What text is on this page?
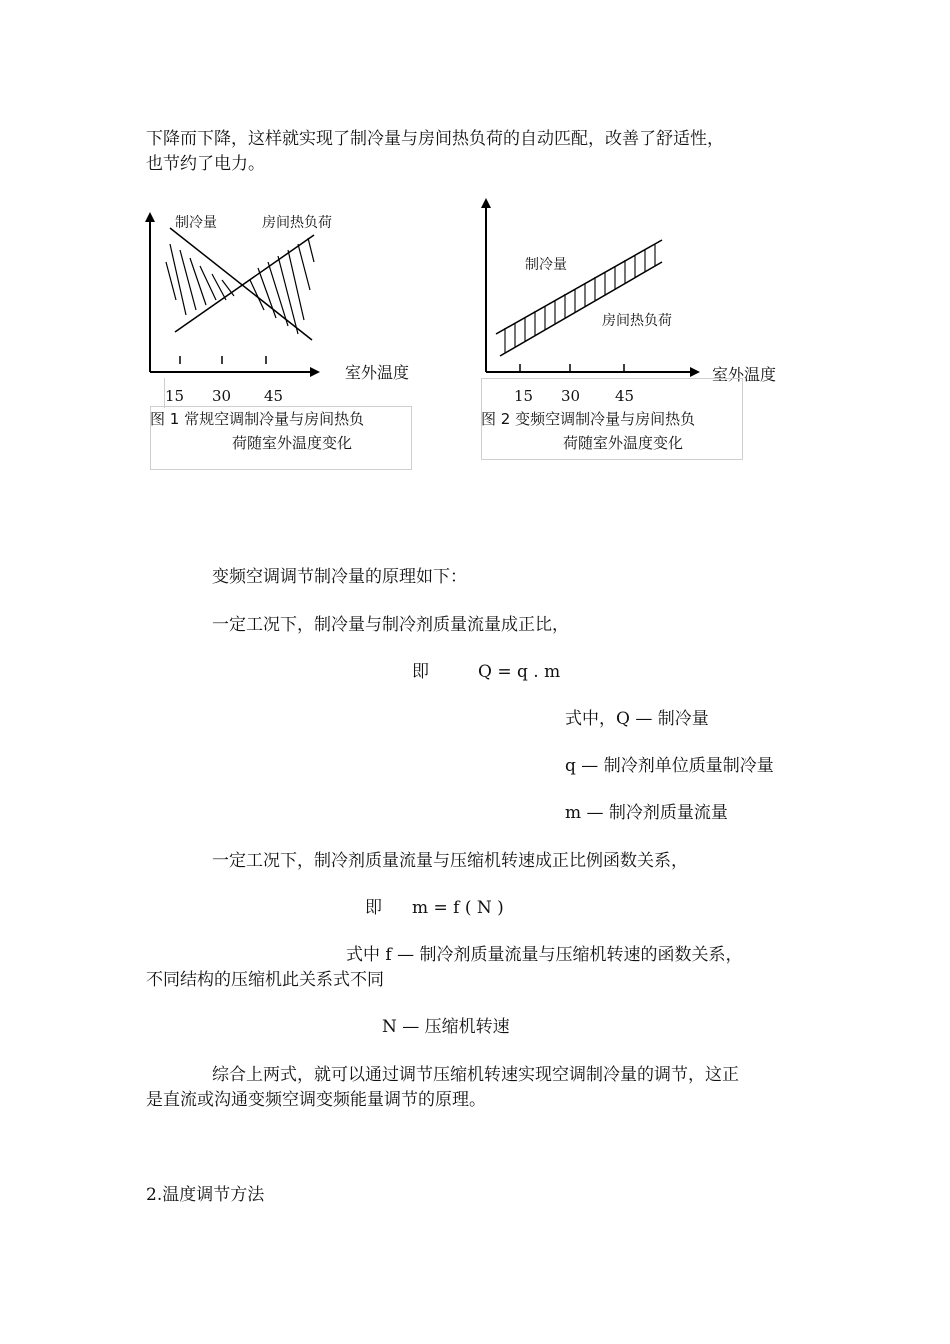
下降而下降，这样就实现了制冷量与房间热负荷的自动匹配，改善了舒适性，

也节约了电力。

制冷量	房间热负荷
室外温度
15 30 45
图 1 常规空调制冷量与房间热负
荷随室外温度变化
制冷量
房间热负荷
室外温度
15 30 45
图 2 变频空调制冷量与房间热负
荷随室外温度变化

变频空调调节制冷量的原理如下：

一定工况下，制冷量与制冷剂质量流量成正比，

即	Q = q . m

式中，Q — 制冷量

q — 制冷剂单位质量制冷量

m — 制冷剂质量流量

一定工况下，制冷剂质量流量与压缩机转速成正比例函数关系，

即 m = f ( N )

式中 f — 制冷剂质量流量与压缩机转速的函数关系，

不同结构的压缩机此关系式不同

N — 压缩机转速

综合上两式，就可以通过调节压缩机转速实现空调制冷量的调节，这正

是直流或沟通变频空调变频能量调节的原理。

2.温度调节方法
